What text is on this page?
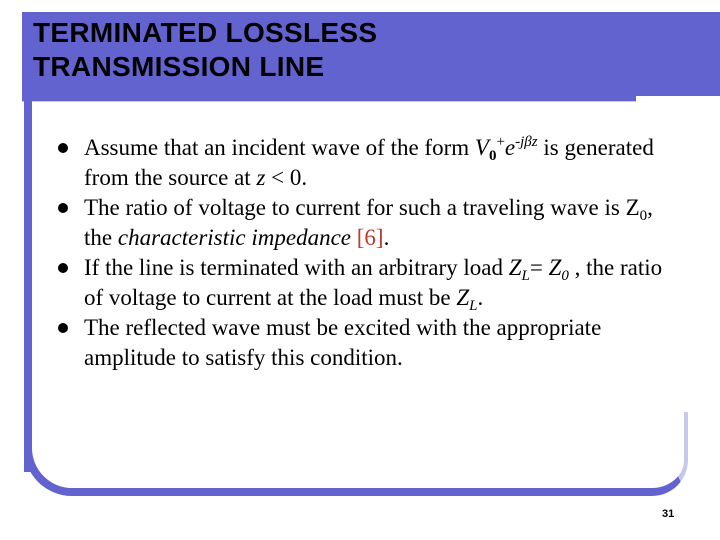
TERMINATED LOSSLESS
TRANSMISSION LINE
Assume that an incident wave of the form $V_0^+e^{-j\beta z}$ is generated from the source at z < 0.
The ratio of voltage to current for such a traveling wave is $Z_0$, the characteristic impedance [6].
If the line is terminated with an arbitrary load $Z_L= Z_0$ , the ratio of voltage to current at the load must be $Z_L$.
The reflected wave must be excited with the appropriate amplitude to satisfy this condition.
31
